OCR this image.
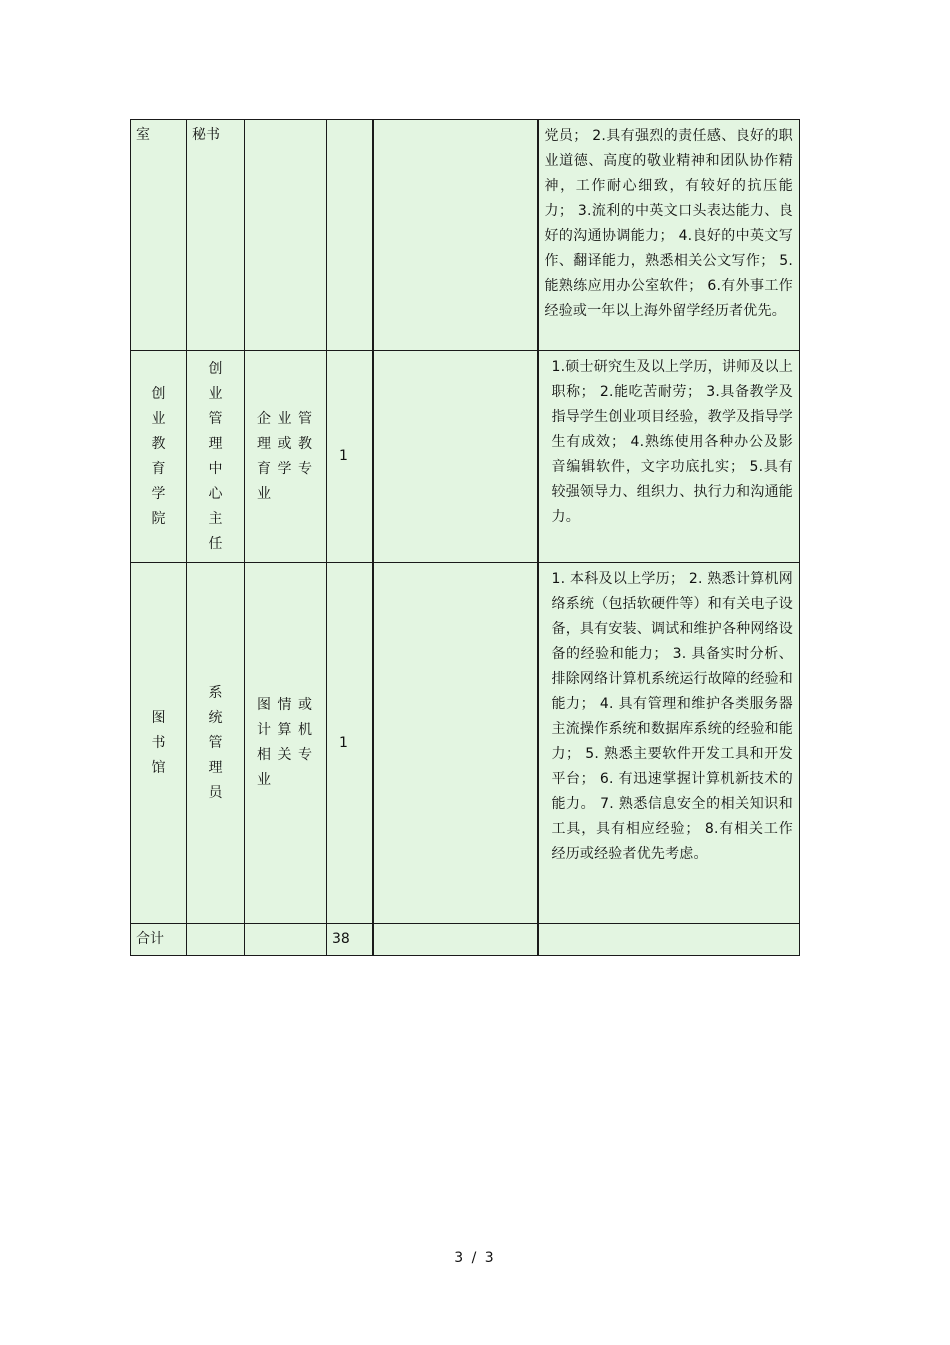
室	秘书				党员； 2.具有强烈的责任感、良好的职业道德、高度的敬业精神和团队协作精神，工作耐心细致，有较好的抗压能力； 3.流利的中英文口头表达能力、良好的沟通协调能力； 4.良好的中英文写作、翻译能力，熟悉相关公文写作； 5.能熟练应用办公室软件； 6.有外事工作经验或一年以上海外留学经历者优先。

创业教育学院	创业管理中心主任	企业管理或教育学专业	1		1.硕士研究生及以上学历，讲师及以上职称； 2.能吃苦耐劳； 3.具备教学及指导学生创业项目经验，教学及指导学生有成效； 4.熟练使用各种办公及影音编辑软件，文字功底扎实； 5.具有较强领导力、组织力、执行力和沟通能力。

图书馆	系统管理员	图情或计算机相关专业	1		1. 本科及以上学历； 2. 熟悉计算机网络系统（包括软硬件等）和有关电子设备，具有安装、调试和维护各种网络设备的经验和能力； 3. 具备实时分析、排除网络计算机系统运行故障的经验和能力； 4. 具有管理和维护各类服务器主流操作系统和数据库系统的经验和能力； 5. 熟悉主要软件开发工具和开发平台； 6. 有迅速掌握计算机新技术的能力。 7. 熟悉信息安全的相关知识和工具，具有相应经验； 8.有相关工作经历或经验者优先考虑。

合计			38		

3 / 3
